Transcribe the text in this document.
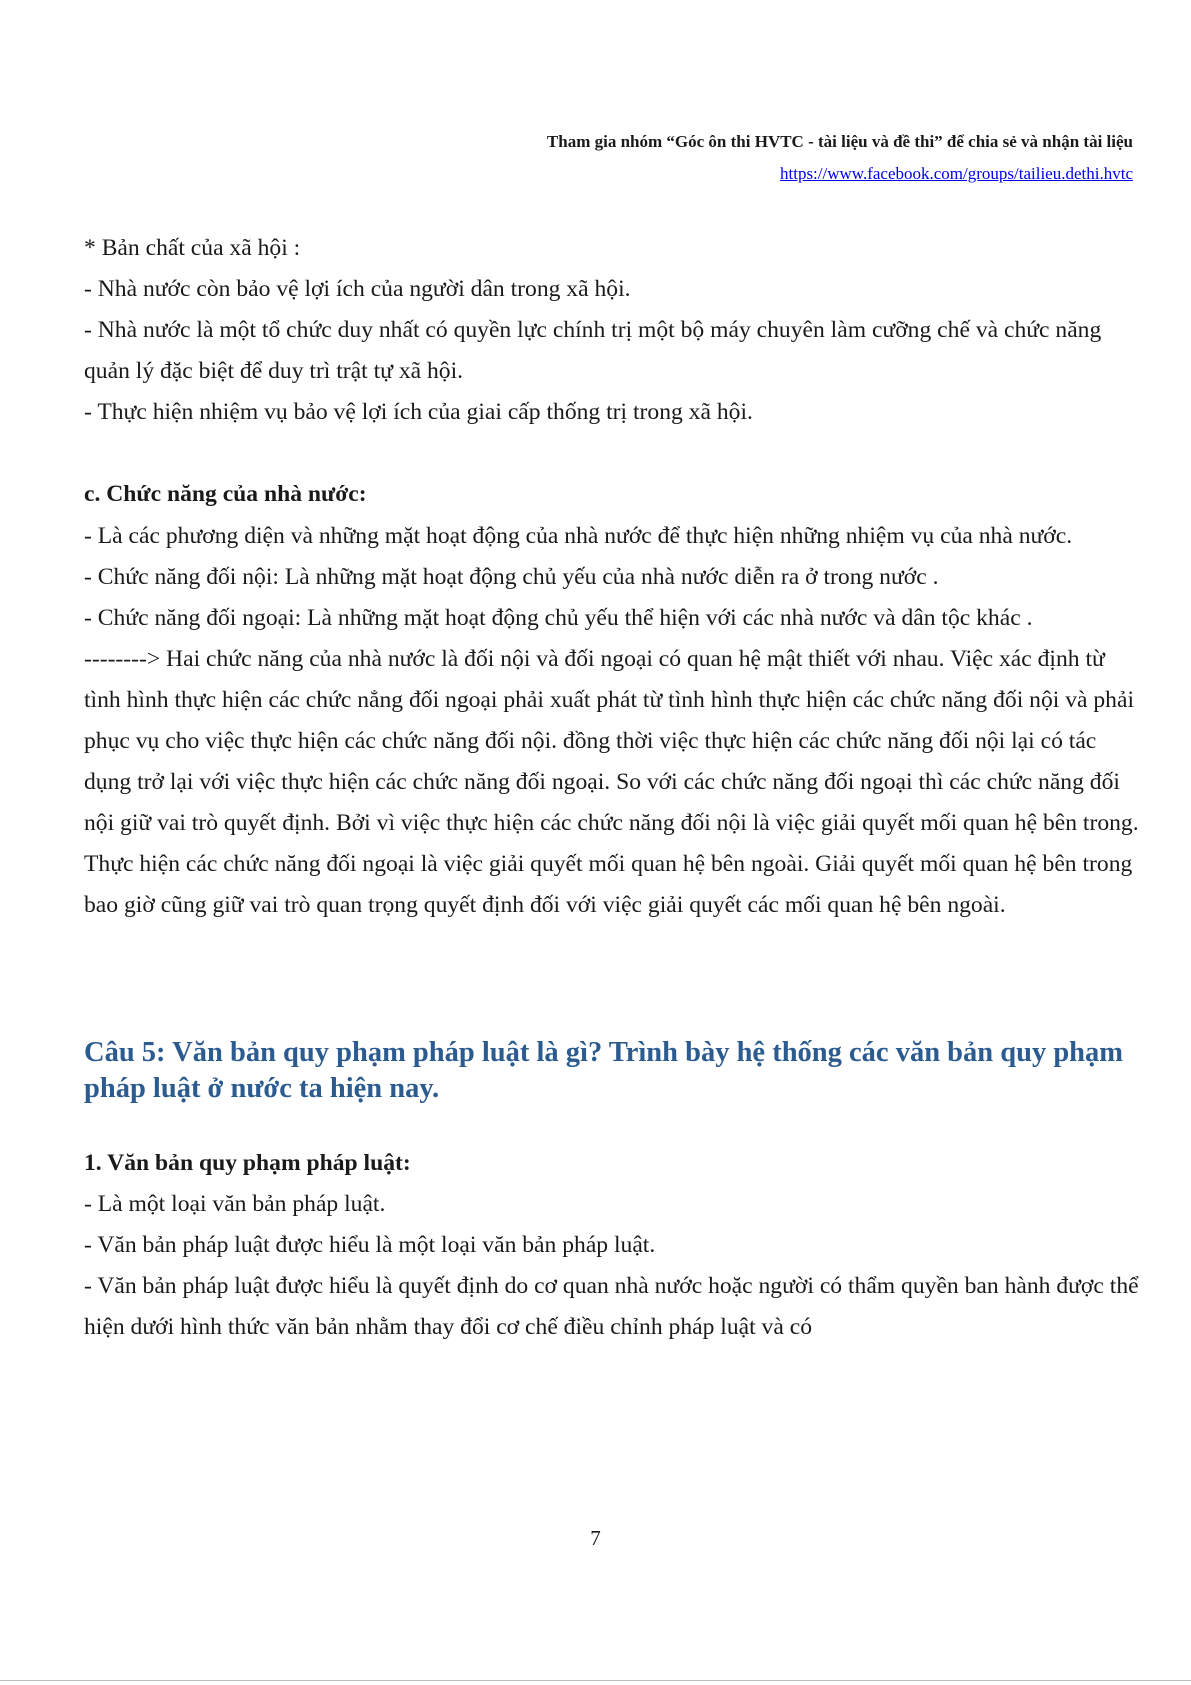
Tham gia nhóm “Góc ôn thi HVTC - tài liệu và đề thi” để chia sẻ và nhận tài liệu
https://www.facebook.com/groups/tailieu.dethi.hvtc

* Bản chất của xã hội :

- Nhà nước còn bảo vệ lợi ích của người dân trong xã hội.

- Nhà nước là một tổ chức duy nhất có quyền lực chính trị một bộ máy chuyên làm cưỡng chế và chức năng quản lý đặc biệt để duy trì trật tự xã hội.

- Thực hiện nhiệm vụ bảo vệ lợi ích của giai cấp thống trị trong xã hội.

c. Chức năng của nhà nước:

- Là các phương diện và những mặt hoạt động của nhà nước để thực hiện những nhiệm vụ của nhà nước.

- Chức năng đối nội: Là những mặt hoạt động chủ yếu của nhà nước diễn ra ở trong nước .

- Chức năng đối ngoại: Là những mặt hoạt động chủ yếu thể hiện với các nhà nước và dân tộc khác .

--------> Hai chức năng của nhà nước là đối nội và đối ngoại có quan hệ mật thiết với nhau. Việc xác định từ tình hình thực hiện các chức nẳng đối ngoại phải xuất phát từ tình hình thực hiện các chức năng đối nội và phải phục vụ cho việc thực hiện các chức năng đối nội. đồng thời việc thực hiện các chức năng đối nội lại có tác dụng trở lại với việc thực hiện các chức năng đối ngoại. So với các chức năng đối ngoại thì các chức năng đối nội giữ vai trò quyết định. Bởi vì việc thực hiện các chức năng đối nội là việc giải quyết mối quan hệ bên trong. Thực hiện các chức năng đối ngoại là việc giải quyết mối quan hệ bên ngoài. Giải quyết mối quan hệ bên trong bao giờ cũng giữ vai trò quan trọng quyết định đối với việc giải quyết các mối quan hệ bên ngoài.

Câu 5: Văn bản quy phạm pháp luật là gì? Trình bày hệ thống các văn bản quy phạm pháp luật ở nước ta hiện nay.

1. Văn bản quy phạm pháp luật:

- Là một loại văn bản pháp luật.

- Văn bản pháp luật được hiểu là một loại văn bản pháp luật.

- Văn bản pháp luật được hiểu là quyết định do cơ quan nhà nước hoặc người có thẩm quyền ban hành được thể hiện dưới hình thức văn bản nhằm thay đổi cơ chế điều chỉnh pháp luật và có

7
